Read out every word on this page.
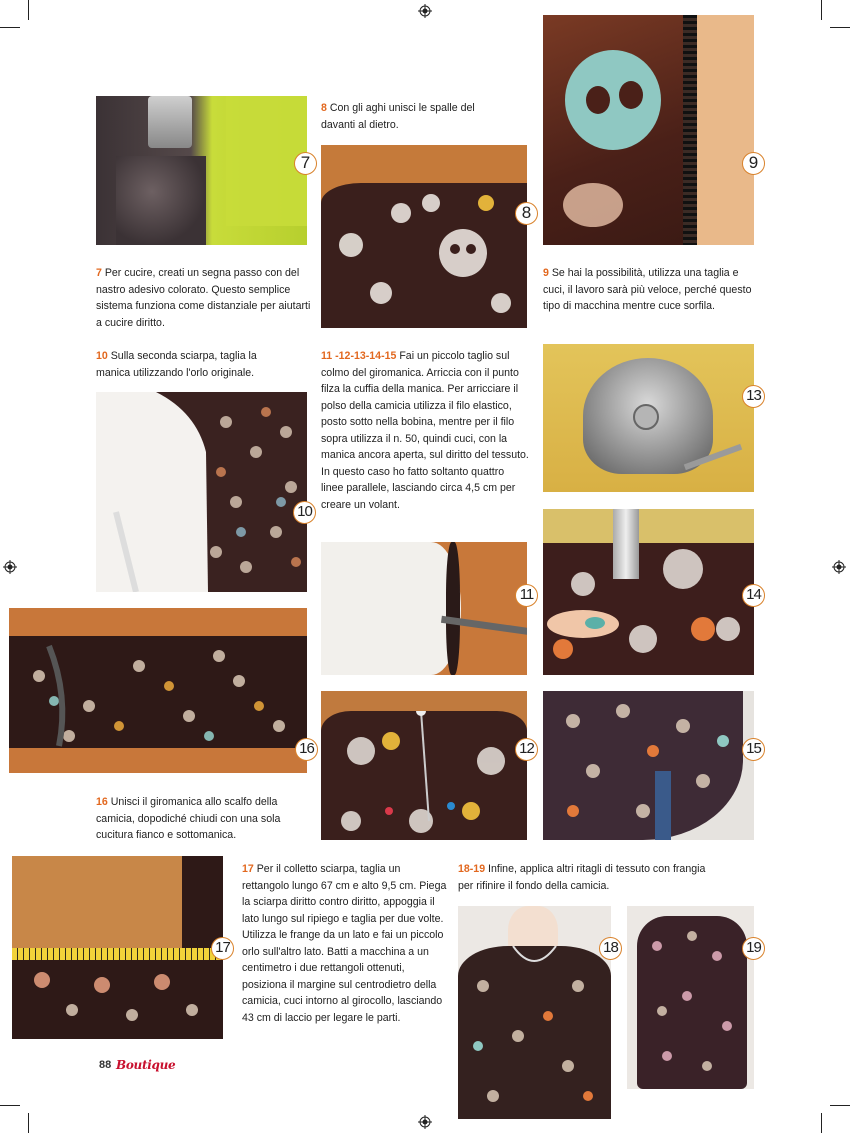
7
8
9
7 Per cucire, creati un segna passo con del nastro adesivo colorato. Questo semplice sistema funziona come distanziale per aiutarti a cucire diritto.
8 Con gli aghi unisci le spalle del davanti al dietro.
9 Se hai la possibilità, utilizza una taglia e cuci, il lavoro sarà più veloce, perché questo tipo di macchina mentre cuce sorfila.
10 Sulla seconda sciarpa, taglia la manica utilizzando l'orlo originale.
11 -12-13-14-15 Fai un piccolo taglio sul colmo del giromanica. Arriccia con il punto filza la cuffia della manica. Per arricciare il polso della camicia utilizza il filo elastico, posto sotto nella bobina, mentre per il filo sopra utilizza il n. 50, quindi cuci, con la manica ancora aperta, sul diritto del tessuto. In questo caso ho fatto soltanto quattro linee parallele, lasciando circa 4,5 cm per creare un volant.
10
13
14
11
16	12	15
16 Unisci il giromanica allo scalfo della camicia, dopodiché chiudi con una sola cucitura fianco e sottomanica.
17
17 Per il colletto sciarpa, taglia un rettangolo lungo 67 cm e alto 9,5 cm. Piega la sciarpa diritto contro diritto, appoggia il lato lungo sul ripiego e taglia per due volte. Utilizza le frange da un lato e fai un piccolo orlo sull'altro lato. Batti a macchina a un centimetro i due rettangoli ottenuti, posiziona il margine sul centrodietro della camicia, cuci intorno al girocollo, lasciando 43 cm di laccio per legare le parti.
18-19 Infine, applica altri ritagli di tessuto con frangia per rifinire il fondo della camicia.
18	19
88 Boutique
